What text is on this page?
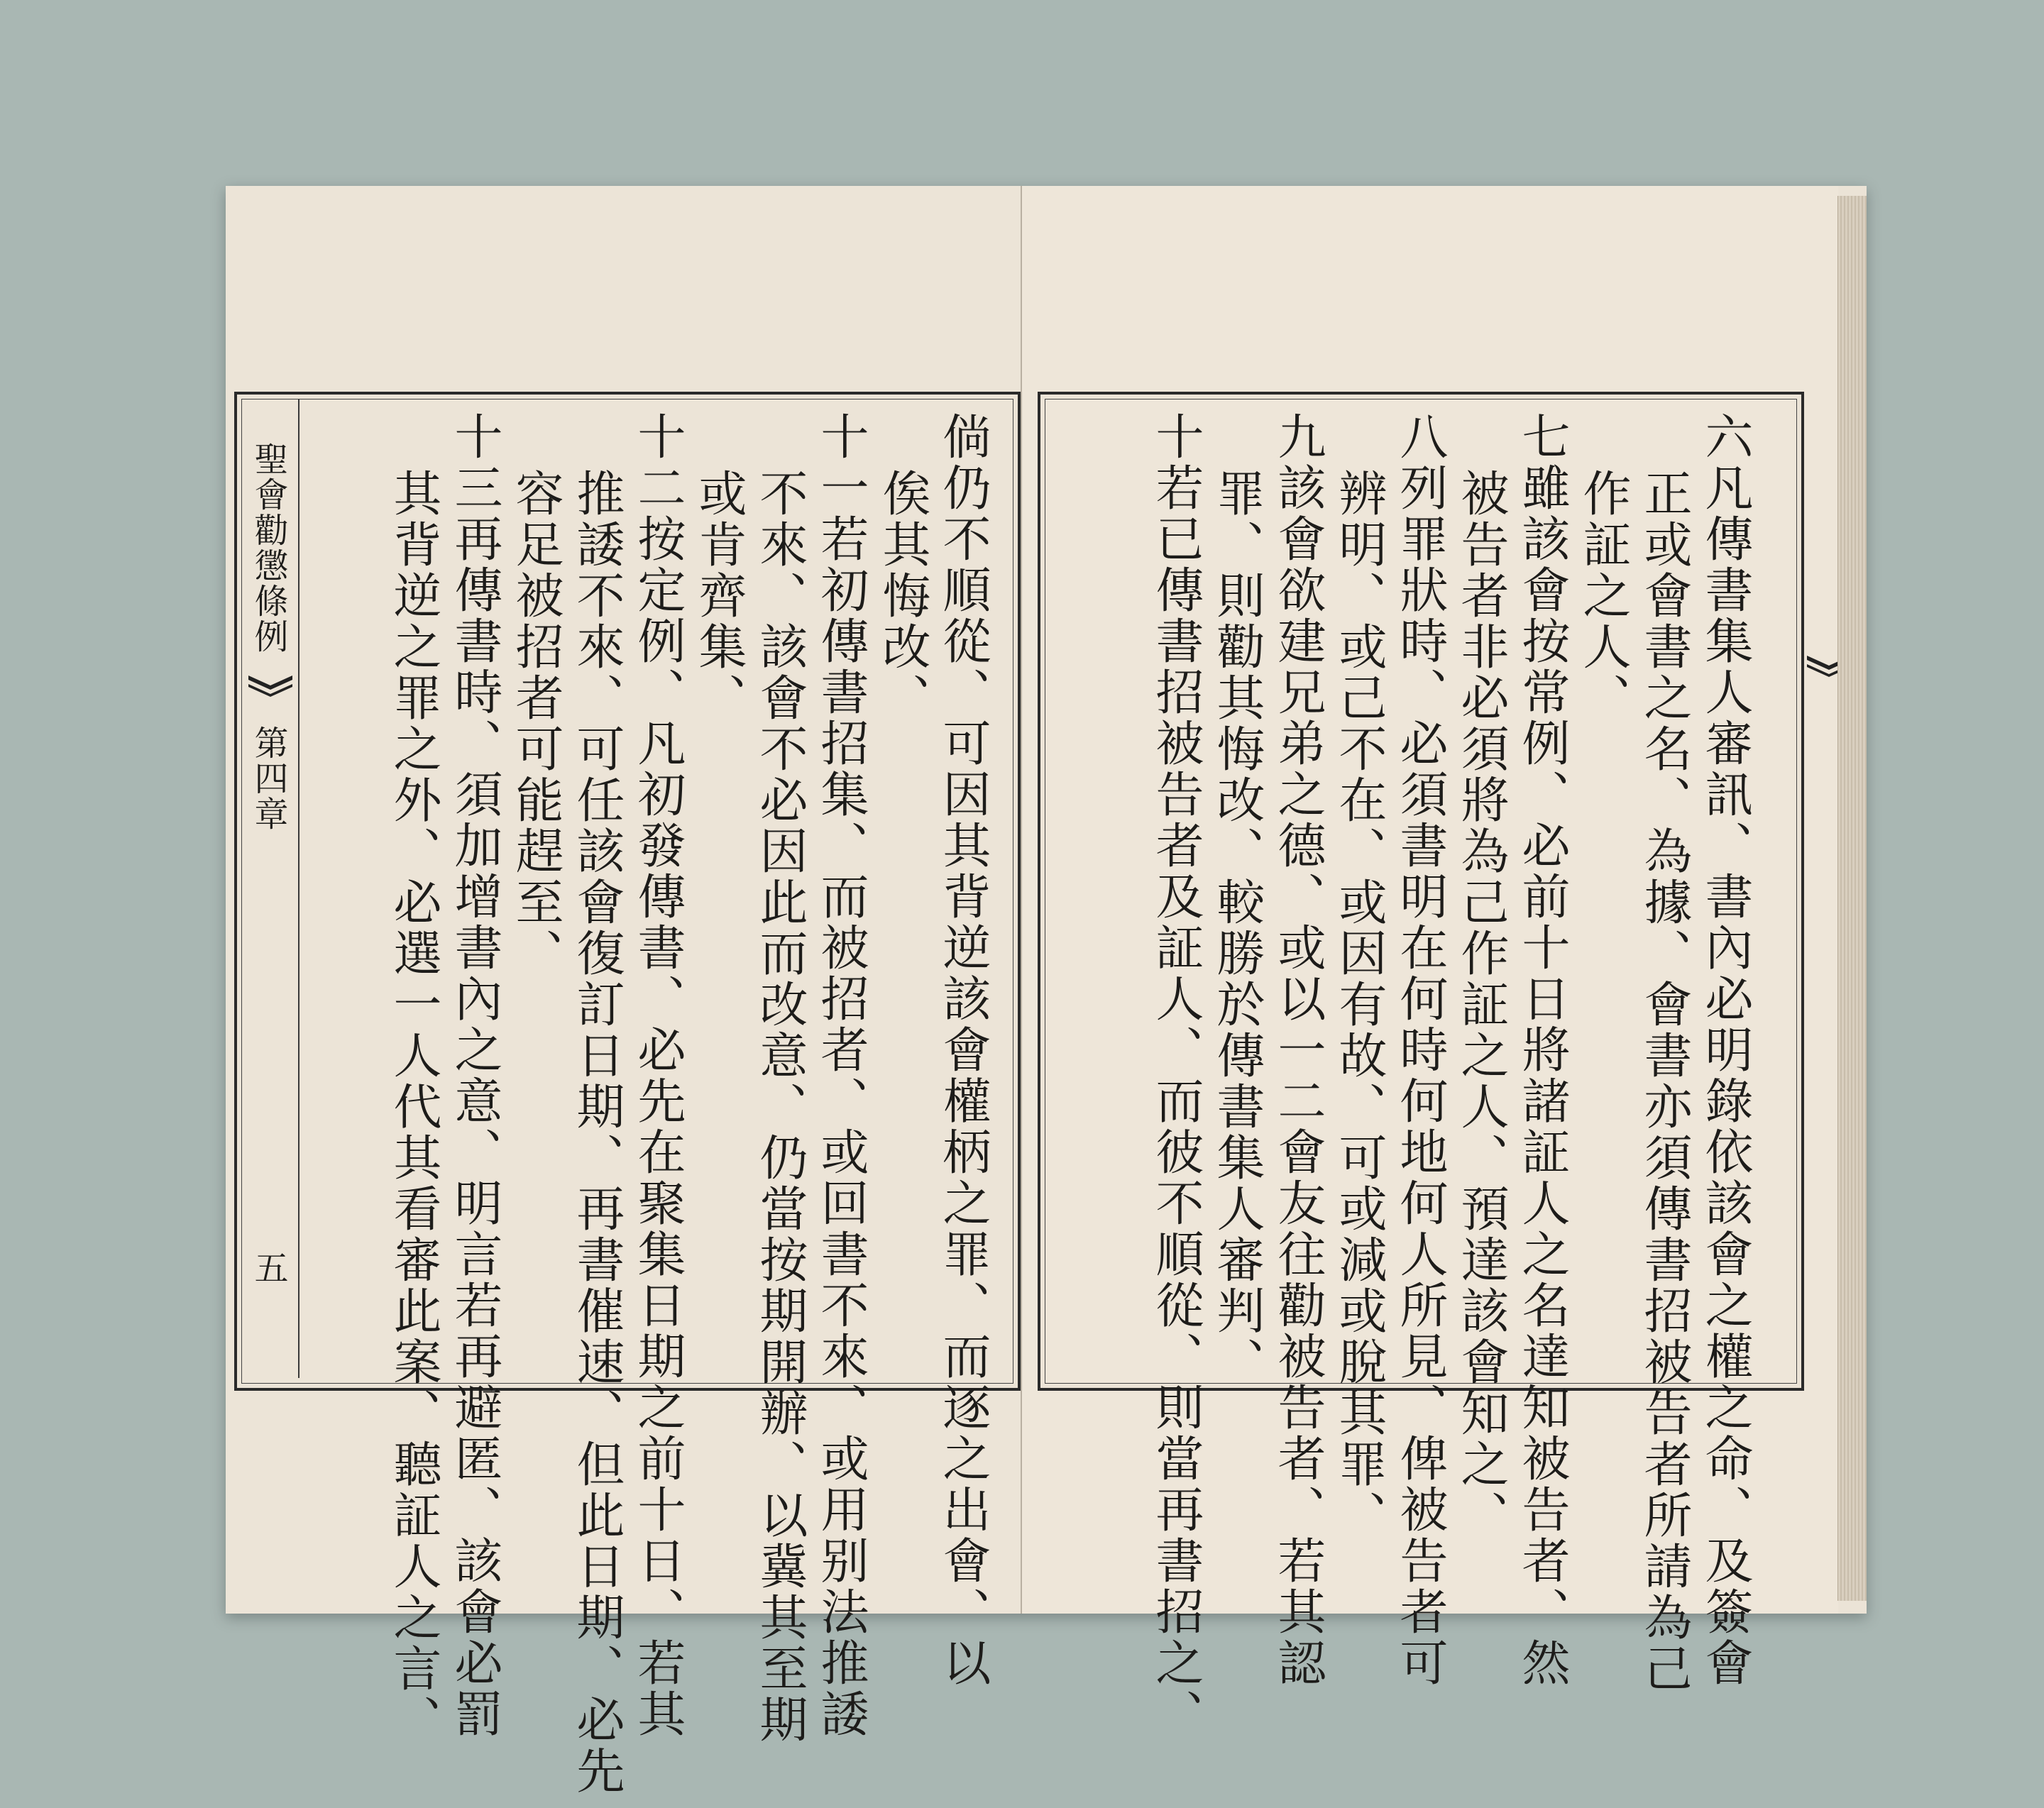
聖會勸懲條例
第四章
五	倘仍不順從、可因其背逆該會權柄之罪、而逐之出會、以
俟其悔改、
十一若初傳書招集、而被招者、或回書不來、或用别法推諉
不來、該會不必因此而改意、仍當按期開辦、以冀其至期
或肯齊集、
十二按定例、凡初發傳書、必先在聚集日期之前十日、若其
推諉不來、可任該會復訂日期、再書催速、但此日期、必先
容足被招者可能趕至、
十三再傳書時、須加增書內之意、明言若再避匿、該會必罰
其背逆之罪之外、必選一人代其看審此案、聽証人之言、	六凡傳書集人審訊、書內必明錄依該會之權之命、及簽會
正或會書之名、為據、會書亦須傳書招被告者所請為己
作証之人、
七雖該會按常例、必前十日將諸証人之名達知被告者、然
被告者非必須將為己作証之人、預達該會知之、
八列罪狀時、必須書明在何時何地何人所見、俾被告者可
辨明、或己不在、或因有故、可或減或脫其罪、
九該會欲建兄弟之德、或以一二會友往勸被告者、若其認
罪、則勸其悔改、較勝於傳書集人審判、
十若已傳書招被告者及証人、而彼不順從、則當再書招之、
